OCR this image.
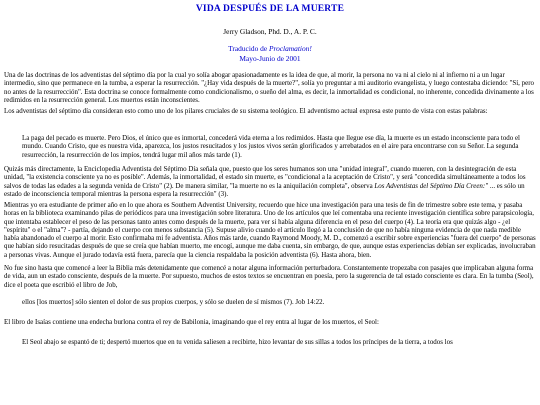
VIDA DESPUÉS DE LA MUERTE
Jerry Gladson, Phd. D., A. P. C.
Traducido de Proclamation!
Mayo-Junio de 2001

Una de las doctrinas de los adventistas del séptimo día por la cual yo solía abogar apasionadamente es la idea de que, al morir, la persona no va ni al cielo ni al infierno ni a un lugar intermedio, sino que permanece en la tumba, a esperar la resurrección. "¿Hay vida después de la muerte?", solía yo preguntar a mi auditorio evangelista, y luego contestaba diciendo: "Sí, pero no antes de la resurrección". Esta doctrina se conoce formalmente como condicionalismo, o sueño del alma, es decir, la inmortalidad es condicional, no inherente, concedida divinamente a los redimidos en la resurrección general. Los muertos están inconscientes.

Los adventistas del séptimo día consideran esto como uno de los pilares cruciales de su sistema teológico. El adventismo actual expresa este punto de vista con estas palabras:

La paga del pecado es muerte. Pero Dios, el único que es inmortal, concederá vida eterna a los redimidos. Hasta que llegue ese día, la muerte es un estado inconsciente para todo el mundo. Cuando Cristo, que es nuestra vida, aparezca, los justos resucitados y los justos vivos serán glorificados y arrebatados en el aire para encontrarse con su Señor. La segunda resurrección, la resurrección de los impíos, tendrá lugar mil años más tarde (1).

Quizás más directamente, la Enciclopedia Adventista del Séptimo Día señala que, puesto que los seres humanos son una "unidad integral", cuando mueren, con la desintegración de esta unidad, "la existencia consciente ya no es posible". Además, la inmortalidad, el estado sin muerte, es "condicional a la aceptación de Cristo", y será "concedida simultáneamente a todos los salvos de todas las edades a la segunda venida de Cristo" (2). De manera similar, "la muerte no es la aniquilación completa", observa Los Adventistas del Séptimo Día Creen:" ... es sólo un estado de inconsciencia temporal mientras la persona espera la resurrección" (3).

Mientras yo era estudiante de primer año en lo que ahora es Southern Adventist University, recuerdo que hice una investigación para una tesis de fin de trimestre sobre este tema, y pasaba horas en la biblioteca examinando pilas de periódicos para una investigación sobre literatura. Uno de los artículos que leí comentaba una reciente investigación científica sobre parapsicología, que intentaba establecer el peso de las personas tanto antes como después de la muerte, para ver si había alguna diferencia en el peso del cuerpo (4). La teoría era que quizás algo - ¿el "espíritu" o el "alma"? - partía, dejando el cuerpo con menos substancia (5). Supuse alivio cuando el artículo llegó a la conclusión de que no había ninguna evidencia de que nada medible había abandonado el cuerpo al morir. Esto confirmaba mi fe adventista. Años más tarde, cuando Raymond Moody, M. D., comenzó a escribir sobre experiencias "fuera del cuerpo" de personas que habían sido resucitadas después de que se creía que habían muerto, me encogí, aunque me daba cuenta, sin embargo, de que, aunque estas experiencias debían ser explicadas, involucraban a personas vivas. Aunque el jurado todavía está fuera, parecía que la ciencia respaldaba la posición adventista (6). Hasta ahora, bien.

No fue sino hasta que comencé a leer la Biblia más detenidamente que comencé a notar alguna información perturbadora. Constantemente tropezaba con pasajes que implicaban alguna forma de vida, aun un estado consciente, después de la muerte. Por supuesto, muchos de estos textos se encuentran en poesía, pero la sugerencia de tal estado consciente es clara. En la tumba (Seol), dice el poeta que escribió el libro de Job,

ellos [los muertos] sólo sienten el dolor de sus propios cuerpos, y sólo se duelen de sí mismos (7). Job 14:22.

El libro de Isaías contiene una endecha burlona contra el rey de Babilonia, imaginando que el rey entra al lugar de los muertos, el Seol:

El Seol abajo se espantó de ti; despertó muertos que en tu venida saliesen a recibirte, hizo levantar de sus sillas a todos los príncipes de la tierra, a todos los
